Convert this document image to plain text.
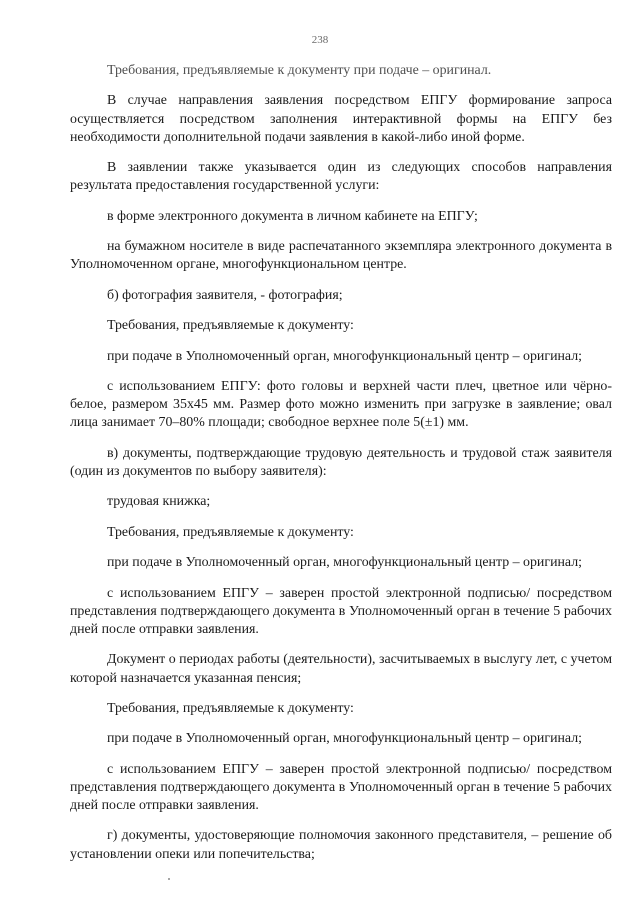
238

Требования, предъявляемые к документу при подаче – оригинал.

В случае направления заявления посредством ЕПГУ формирование запроса осуществляется посредством заполнения интерактивной формы на ЕПГУ без необходимости дополнительной подачи заявления в какой-либо иной форме.

В заявлении также указывается один из следующих способов направления результата предоставления государственной услуги:

в форме электронного документа в личном кабинете на ЕПГУ;

на бумажном носителе в виде распечатанного экземпляра электронного документа в Уполномоченном органе, многофункциональном центре.

б) фотография заявителя, - фотография;

Требования, предъявляемые к документу:

при подаче в Уполномоченный орган, многофункциональный центр – оригинал;

с использованием ЕПГУ: фото головы и верхней части плеч, цветное или чёрно-белое, размером 35х45 мм. Размер фото можно изменить при загрузке в заявление; овал лица занимает 70–80% площади; свободное верхнее поле 5(±1) мм.

в) документы, подтверждающие трудовую деятельность и трудовой стаж заявителя (один из документов по выбору заявителя):

трудовая книжка;

Требования, предъявляемые к документу:

при подаче в Уполномоченный орган, многофункциональный центр – оригинал;

с использованием ЕПГУ – заверен простой электронной подписью/ посредством представления подтверждающего документа в Уполномоченный орган в течение 5 рабочих дней после отправки заявления.

Документ о периодах работы (деятельности), засчитываемых в выслугу лет, с учетом которой назначается указанная пенсия;

Требования, предъявляемые к документу:

при подаче в Уполномоченный орган, многофункциональный центр – оригинал;

с использованием ЕПГУ – заверен простой электронной подписью/ посредством представления подтверждающего документа в Уполномоченный орган в течение 5 рабочих дней после отправки заявления.

г) документы, удостоверяющие полномочия законного представителя, – решение об установлении опеки или попечительства;
